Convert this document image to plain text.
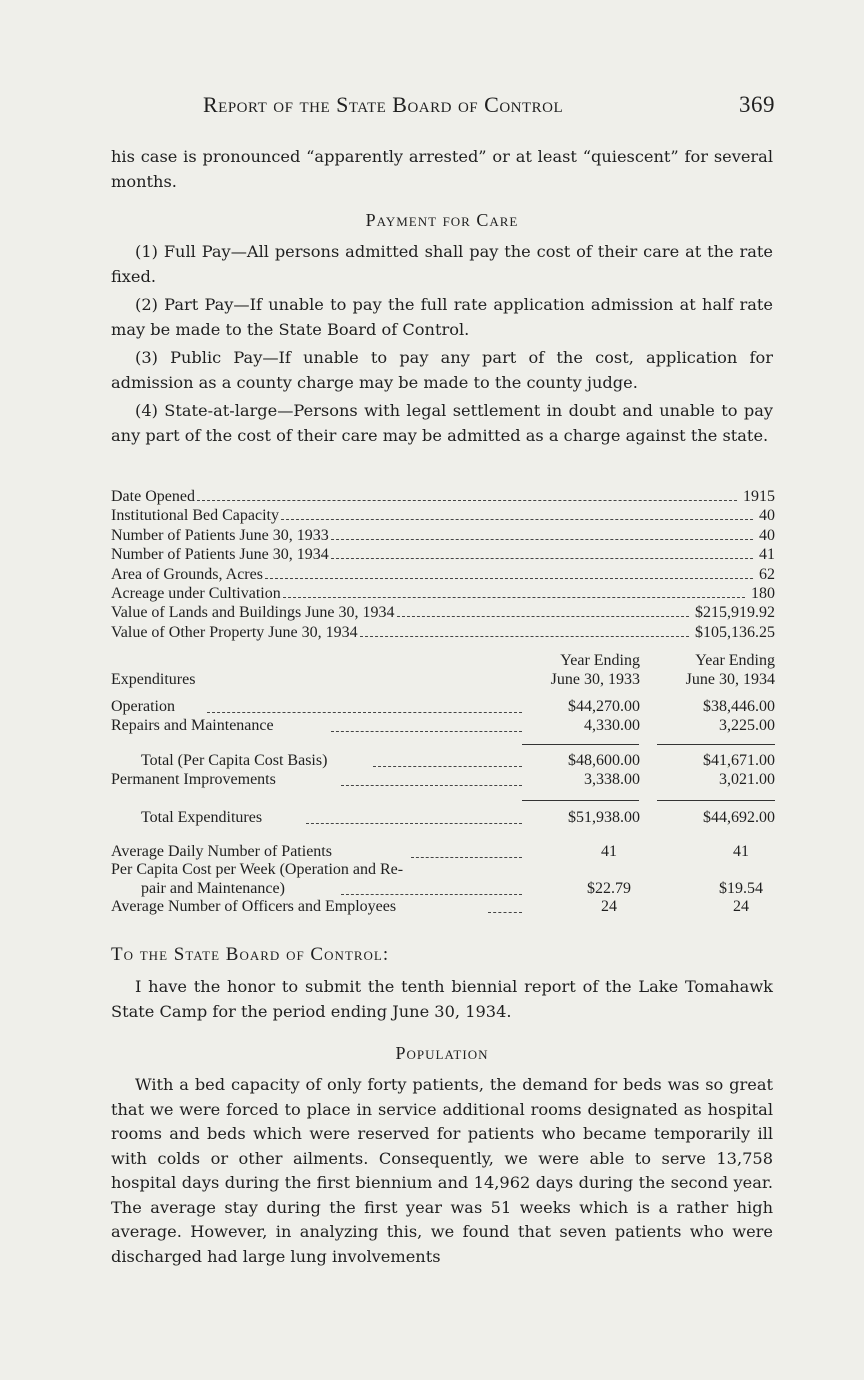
Report of the State Board of Control	369

his case is pronounced “apparently arrested” or at least “quiescent” for several months.

Payment for Care

(1) Full Pay—All persons admitted shall pay the cost of their care at the rate fixed.

(2) Part Pay—If unable to pay the full rate application admission at half rate may be made to the State Board of Control.

(3) Public Pay—If unable to pay any part of the cost, application for admission as a county charge may be made to the county judge.

(4) State-at-large—Persons with legal settlement in doubt and unable to pay any part of the cost of their care may be admitted as a charge against the state.

Date Opened	1915
Institutional Bed Capacity	40
Number of Patients June 30, 1933	40
Number of Patients June 30, 1934	41
Area of Grounds, Acres	62
Acreage under Cultivation	180
Value of Lands and Buildings June 30, 1934	$215,919.92
Value of Other Property June 30, 1934	$105,136.25
Year Ending	Year Ending
Expenditures	June 30, 1933	June 30, 1934
Operation	$44,270.00	$38,446.00
Repairs and Maintenance	4,330.00	3,225.00
Total (Per Capita Cost Basis)	$48,600.00	$41,671.00
Permanent Improvements	3,338.00	3,021.00
Total Expenditures	$51,938.00	$44,692.00
Average Daily Number of Patients	41	41
Per Capita Cost per Week (Operation and Re-
pair and Maintenance)	$22.79	$19.54
Average Number of Officers and Employees	24	24
To the State Board of Control:

I have the honor to submit the tenth biennial report of the Lake Tomahawk State Camp for the period ending June 30, 1934.

Population

With a bed capacity of only forty patients, the demand for beds was so great that we were forced to place in service additional rooms designated as hospital rooms and beds which were reserved for patients who became temporarily ill with colds or other ailments. Consequently, we were able to serve 13,758 hospital days during the first biennium and 14,962 days during the second year. The average stay during the first year was 51 weeks which is a rather high average. However, in analyzing this, we found that seven patients who were discharged had large lung involvements
